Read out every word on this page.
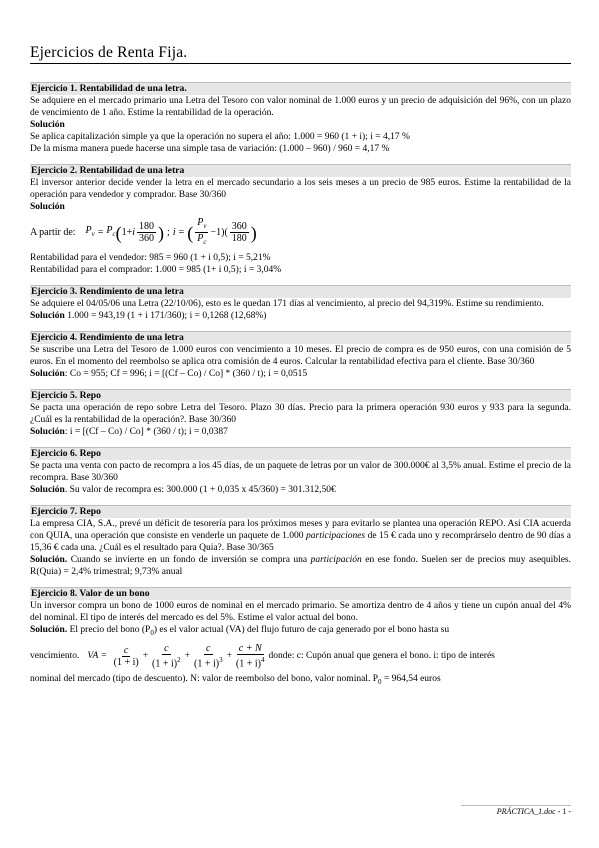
Ejercicios de Renta Fija.
Ejercicio 1. Rentabilidad de una letra.

Se adquiere en el mercado primario una Letra del Tesoro con valor nominal de 1.000 euros y un precio de adquisición del 96%, con un plazo de vencimiento de 1 año. Estime la rentabilidad de la operación.

Solución

Se aplica capitalización simple ya que la operación no supera el año: 1.000 = 960 (1 + i); i = 4,17 %

De la misma manera puede hacerse una simple tasa de variación: (1.000 – 960) / 960 = 4,17 %

Ejercicio 2. Rentabilidad de una letra

El inversor anterior decide vender la letra en el mercado secundario a los seis meses a un precio de 985 euros. Estime la rentabilidad de la operación para vendedor y comprador. Base 30/360

Solución

A partir de: $P_v = P_c$ ( 1 + i $\frac{180}{360}$ ) ; i = ( $\frac{P_v}{P_c} - 1$ )( $\frac{360}{180}$ )

Rentabilidad para el vendedor: 985 = 960 (1 + i 0,5); i = 5,21%

Rentabilidad para el comprador: 1.000 = 985 (1+ i 0,5); i = 3,04%

Ejercicio 3. Rendimiento de una letra

Se adquiere el 04/05/06 una Letra (22/10/06), esto es le quedan 171 días al vencimiento, al precio del 94,319%. Estime su rendimiento.

Solución 1.000 = 943,19 (1 + i 171/360); i = 0,1268 (12,68%)

Ejercicio 4. Rendimiento de una letra

Se suscribe una Letra del Tesoro de 1.000 euros con vencimiento a 10 meses. El precio de compra es de 950 euros, con una comisión de 5 euros. En el momento del reembolso se aplica otra comisión de 4 euros. Calcular la rentabilidad efectiva para el cliente. Base 30/360

Solución: Co = 955; Cf = 996; i = [(Cf – Co) / Co] * (360 / t); i = 0,0515

Ejercicio 5. Repo

Se pacta una operación de repo sobre Letra del Tesoro. Plazo 30 días. Precio para la primera operación 930 euros y 933 para la segunda. ¿Cuál es la rentabilidad de la operación?. Base 30/360

Solución: i = [(Cf – Co) / Co] * (360 / t); i = 0,0387

Ejercicio 6. Repo

Se pacta una venta con pacto de recompra a los 45 días, de un paquete de letras por un valor de 300.000€ al 3,5% anual. Estime el precio de la recompra. Base 30/360

Solución. Su valor de recompra es: 300.000 (1 + 0,035 x 45/360) = 301.312,50€

Ejercicio 7. Repo

La empresa CIA, S.A., prevé un déficit de tesorería para los próximos meses y para evitarlo se plantea una operación REPO. Así CIA acuerda con QUIA, una operación que consiste en venderle un paquete de 1.000 participaciones de 15 € cada uno y recomprárselo dentro de 90 días a 15,36 € cada una. ¿Cuál es el resultado para Quia?. Base 30/365

Solución. Cuando se invierte en un fondo de inversión se compra una participación en ese fondo. Suelen ser de precios muy asequibles. R(Quia) = 2,4% trimestral; 9,73% anual

Ejercicio 8. Valor de un bono

Un inversor compra un bono de 1000 euros de nominal en el mercado primario. Se amortiza dentro de 4 años y tiene un cupón anual del 4% del nominal. El tipo de interés del mercado es del 5%. Estime el valor actual del bono.

Solución. El precio del bono $(P_0)$ es el valor actual (VA) del flujo futuro de caja generado por el bono hasta su

vencimiento. VA = $\frac{c}{(1 + i)} + \frac{c}{(1 + i)^2} + \frac{c}{(1 + i)^3} + \frac{c + N}{(1 + i)^4}$ donde: c: Cupón anual que genera el bono. i: tipo de interés

nominal del mercado (tipo de descuento). N: valor de reembolso del bono, valor nominal. $P_0 = 964,54$ euros

PRÁCTICA_1.doc - 1 -
